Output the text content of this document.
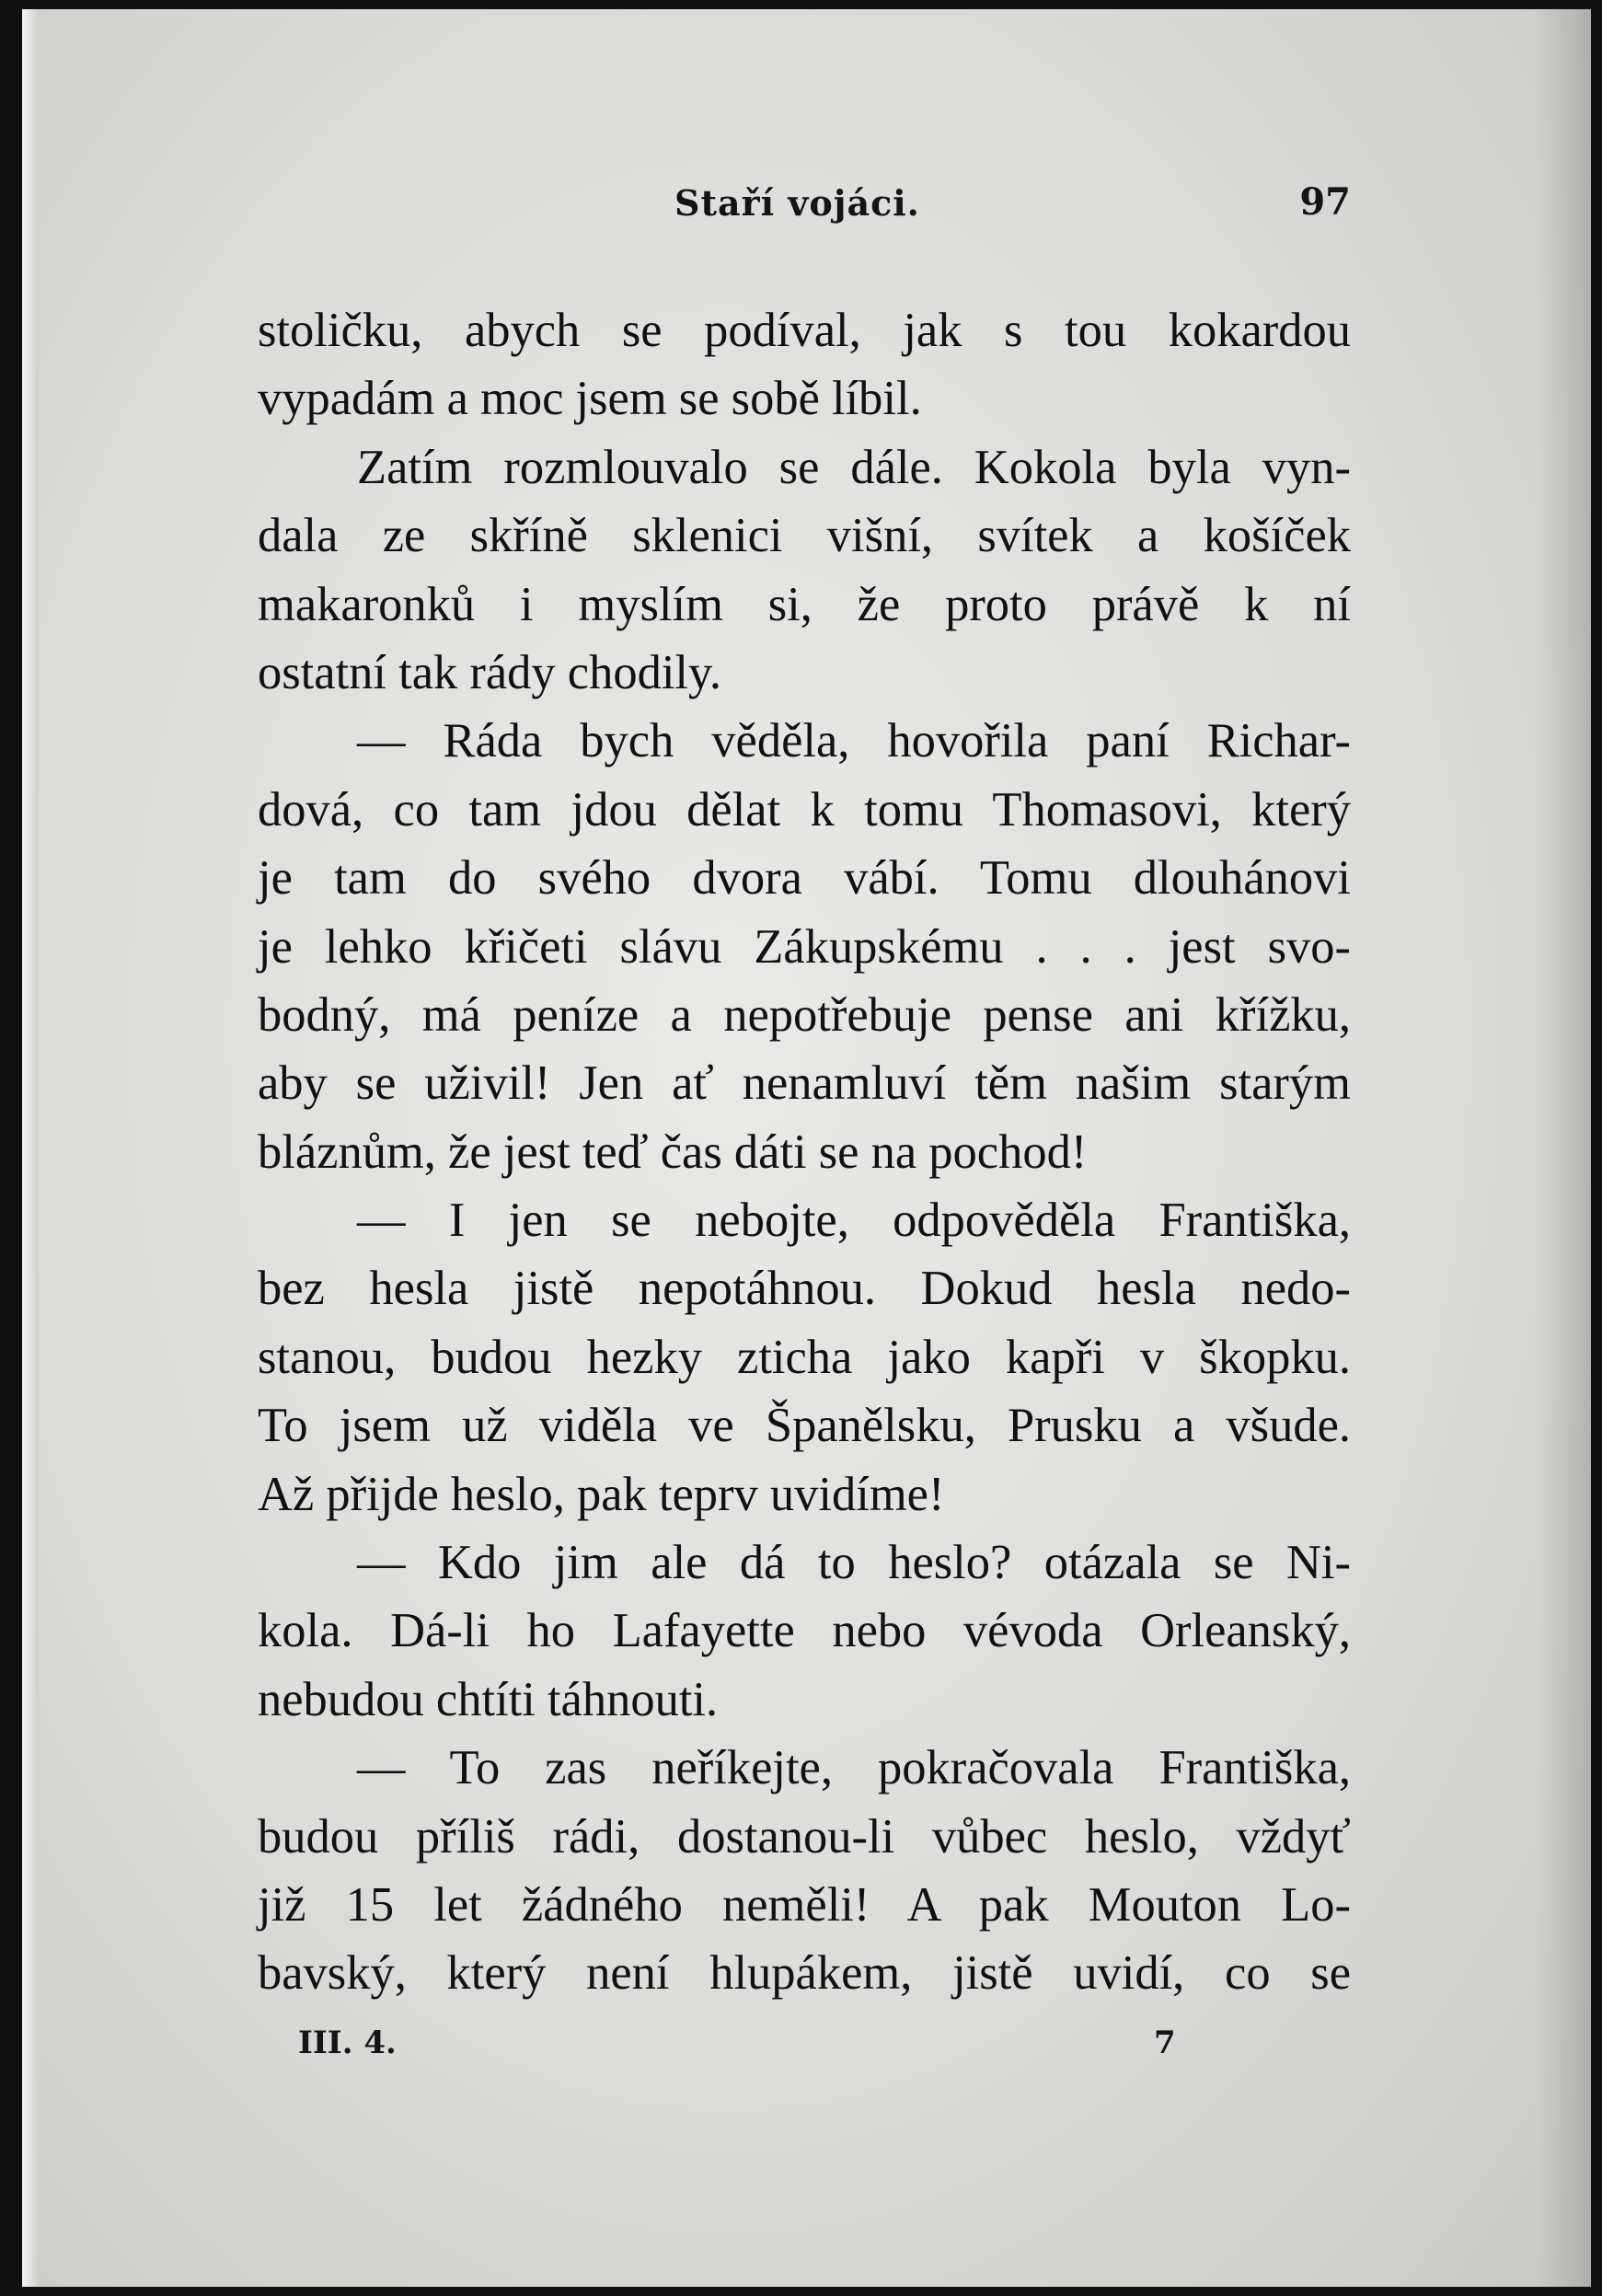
Staří vojáci.	97
stoličku, abych se podíval, jak s tou kokardou
vypadám a moc jsem se sobě líbil.
Zatím rozmlouvalo se dále. Kokola byla vyn-
dala ze skříně sklenici višní, svítek a košíček
makaronků i myslím si, že proto právě k ní
ostatní tak rády chodily.
— Ráda bych věděla, hovořila paní Richar-
dová, co tam jdou dělat k tomu Thomasovi, který
je tam do svého dvora vábí. Tomu dlouhánovi
je lehko křičeti slávu Zákupskému . . . jest svo-
bodný, má peníze a nepotřebuje pense ani křížku,
aby se uživil! Jen ať nenamluví těm našim starým
bláznům, že jest teď čas dáti se na pochod!
— I jen se nebojte, odpověděla Františka,
bez hesla jistě nepotáhnou. Dokud hesla nedo-
stanou, budou hezky zticha jako kapři v škopku.
To jsem už viděla ve Španělsku, Prusku a všude.
Až přijde heslo, pak teprv uvidíme!
— Kdo jim ale dá to heslo? otázala se Ni-
kola. Dá-li ho Lafayette nebo vévoda Orleanský,
nebudou chtíti táhnouti.
— To zas neříkejte, pokračovala Františka,
budou příliš rádi, dostanou-li vůbec heslo, vždyť
již 15 let žádného neměli! A pak Mouton Lo-
bavský, který není hlupákem, jistě uvidí, co se
III. 4.	7
